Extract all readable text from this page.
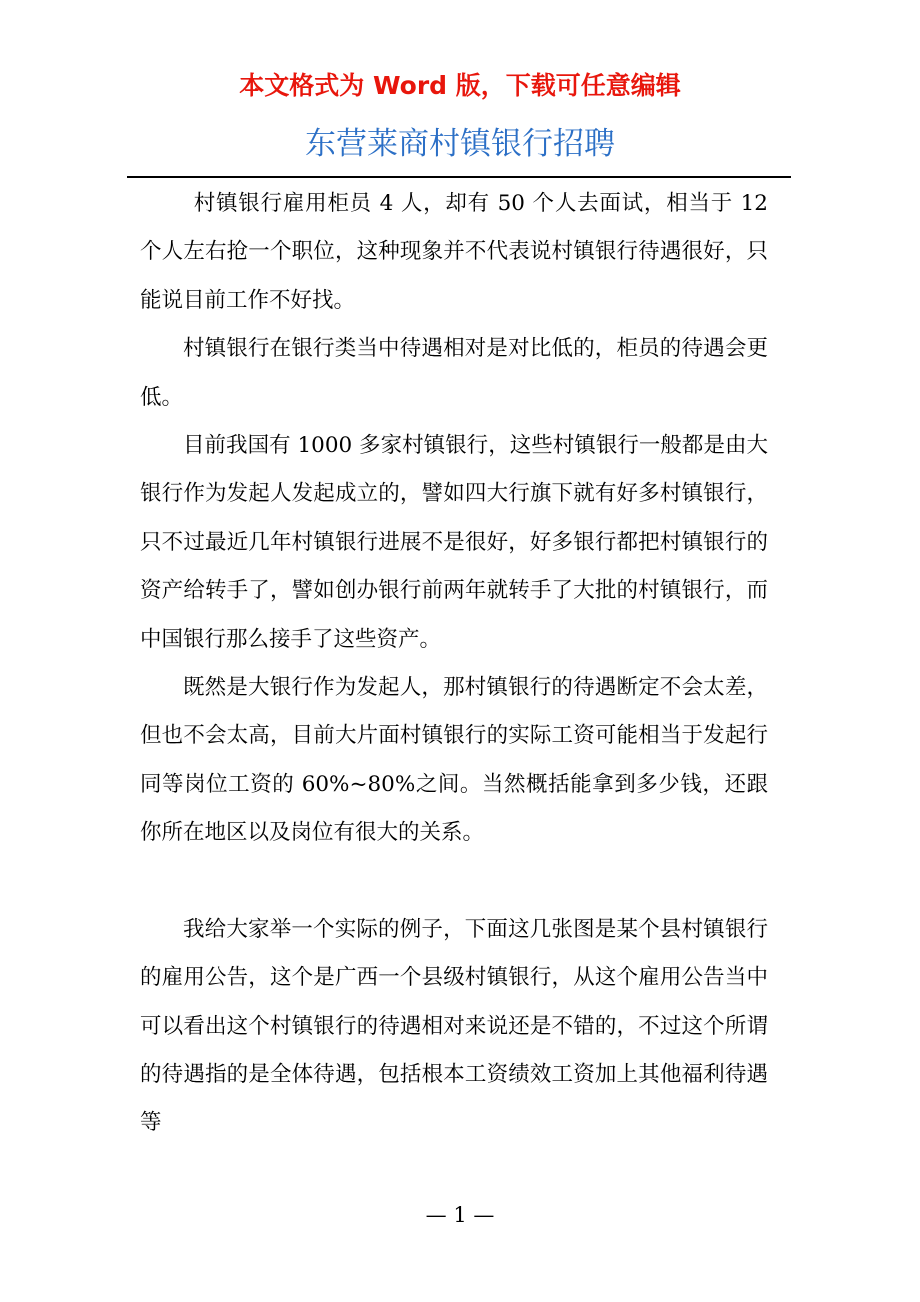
本文格式为 Word 版，下载可任意编辑
东营莱商村镇银行招聘

村镇银行雇用柜员 4 人，却有 50 个人去面试，相当于 12 个人左右抢一个职位，这种现象并不代表说村镇银行待遇很好，只能说目前工作不好找。

村镇银行在银行类当中待遇相对是对比低的，柜员的待遇会更低。

目前我国有 1000 多家村镇银行，这些村镇银行一般都是由大银行作为发起人发起成立的，譬如四大行旗下就有好多村镇银行，只不过最近几年村镇银行进展不是很好，好多银行都把村镇银行的资产给转手了，譬如创办银行前两年就转手了大批的村镇银行，而中国银行那么接手了这些资产。

既然是大银行作为发起人，那村镇银行的待遇断定不会太差，但也不会太高，目前大片面村镇银行的实际工资可能相当于发起行同等岗位工资的 60%~80%之间。当然概括能拿到多少钱，还跟你所在地区以及岗位有很大的关系。

我给大家举一个实际的例子，下面这几张图是某个县村镇银行的雇用公告，这个是广西一个县级村镇银行，从这个雇用公告当中可以看出这个村镇银行的待遇相对来说还是不错的，不过这个所谓的待遇指的是全体待遇，包括根本工资绩效工资加上其他福利待遇等

— 1 —
